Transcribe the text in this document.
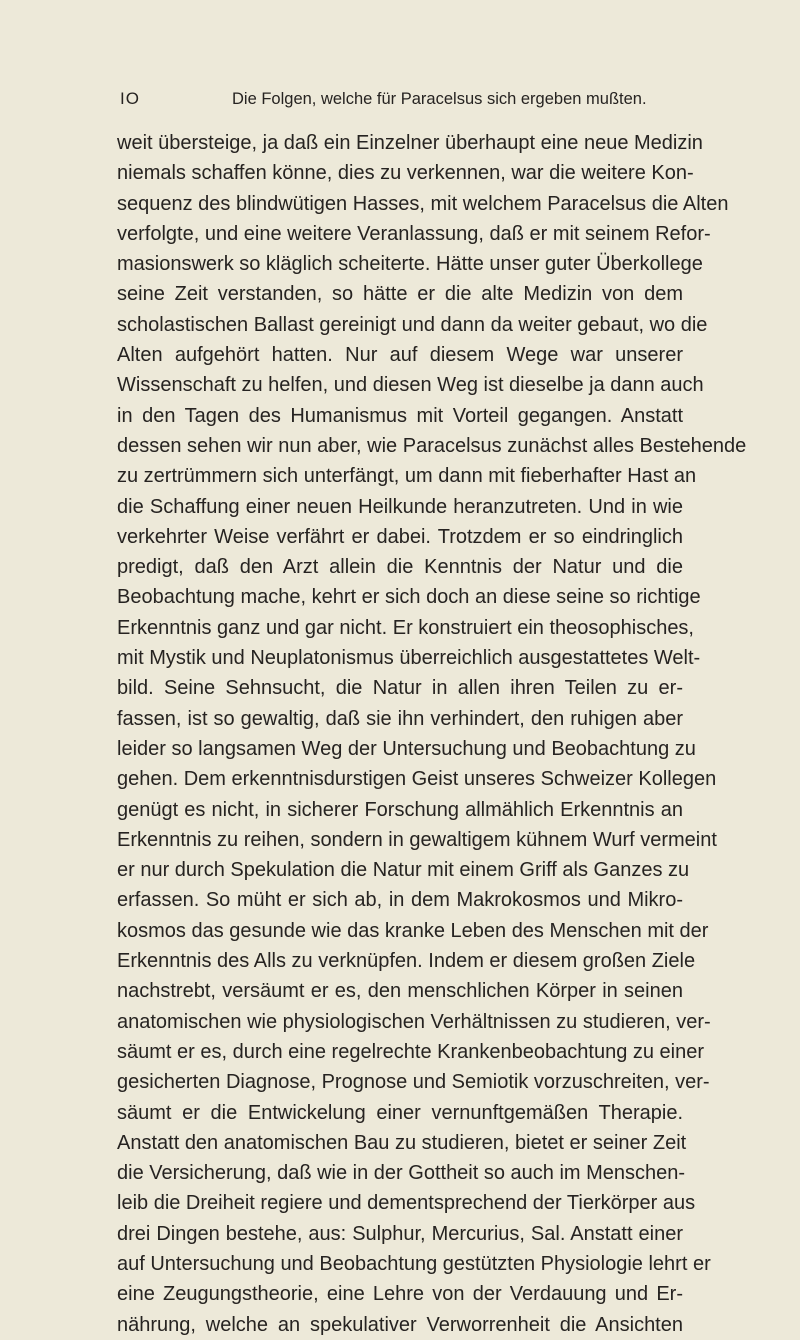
IO	Die Folgen, welche für Paracelsus sich ergeben mußten.
weit übersteige, ja daß ein Einzelner überhaupt eine neue Medizin
niemals schaffen könne, dies zu verkennen, war die weitere Kon-
sequenz des blindwütigen Hasses, mit welchem Paracelsus die Alten
verfolgte, und eine weitere Veranlassung, daß er mit seinem Refor-
masionswerk so kläglich scheiterte. Hätte unser guter Überkollege
seine Zeit verstanden, so hätte er die alte Medizin von dem
scholastischen Ballast gereinigt und dann da weiter gebaut, wo die
Alten aufgehört hatten. Nur auf diesem Wege war unserer
Wissenschaft zu helfen, und diesen Weg ist dieselbe ja dann auch
in den Tagen des Humanismus mit Vorteil gegangen. Anstatt
dessen sehen wir nun aber, wie Paracelsus zunächst alles Bestehende
zu zertrümmern sich unterfängt, um dann mit fieberhafter Hast an
die Schaffung einer neuen Heilkunde heranzutreten. Und in wie
verkehrter Weise verfährt er dabei. Trotzdem er so eindringlich
predigt, daß den Arzt allein die Kenntnis der Natur und die
Beobachtung mache, kehrt er sich doch an diese seine so richtige
Erkenntnis ganz und gar nicht. Er konstruiert ein theosophisches,
mit Mystik und Neuplatonismus überreichlich ausgestattetes Welt-
bild. Seine Sehnsucht, die Natur in allen ihren Teilen zu er-
fassen, ist so gewaltig, daß sie ihn verhindert, den ruhigen aber
leider so langsamen Weg der Untersuchung und Beobachtung zu
gehen. Dem erkenntnisdurstigen Geist unseres Schweizer Kollegen
genügt es nicht, in sicherer Forschung allmählich Erkenntnis an
Erkenntnis zu reihen, sondern in gewaltigem kühnem Wurf vermeint
er nur durch Spekulation die Natur mit einem Griff als Ganzes zu
erfassen. So müht er sich ab, in dem Makrokosmos und Mikro-
kosmos das gesunde wie das kranke Leben des Menschen mit der
Erkenntnis des Alls zu verknüpfen. Indem er diesem großen Ziele
nachstrebt, versäumt er es, den menschlichen Körper in seinen
anatomischen wie physiologischen Verhältnissen zu studieren, ver-
säumt er es, durch eine regelrechte Krankenbeobachtung zu einer
gesicherten Diagnose, Prognose und Semiotik vorzuschreiten, ver-
säumt er die Entwickelung einer vernunftgemäßen Therapie.
Anstatt den anatomischen Bau zu studieren, bietet er seiner Zeit
die Versicherung, daß wie in der Gottheit so auch im Menschen-
leib die Dreiheit regiere und dementsprechend der Tierkörper aus
drei Dingen bestehe, aus: Sulphur, Mercurius, Sal. Anstatt einer
auf Untersuchung und Beobachtung gestützten Physiologie lehrt er
eine Zeugungstheorie, eine Lehre von der Verdauung und Er-
nährung, welche an spekulativer Verworrenheit die Ansichten
